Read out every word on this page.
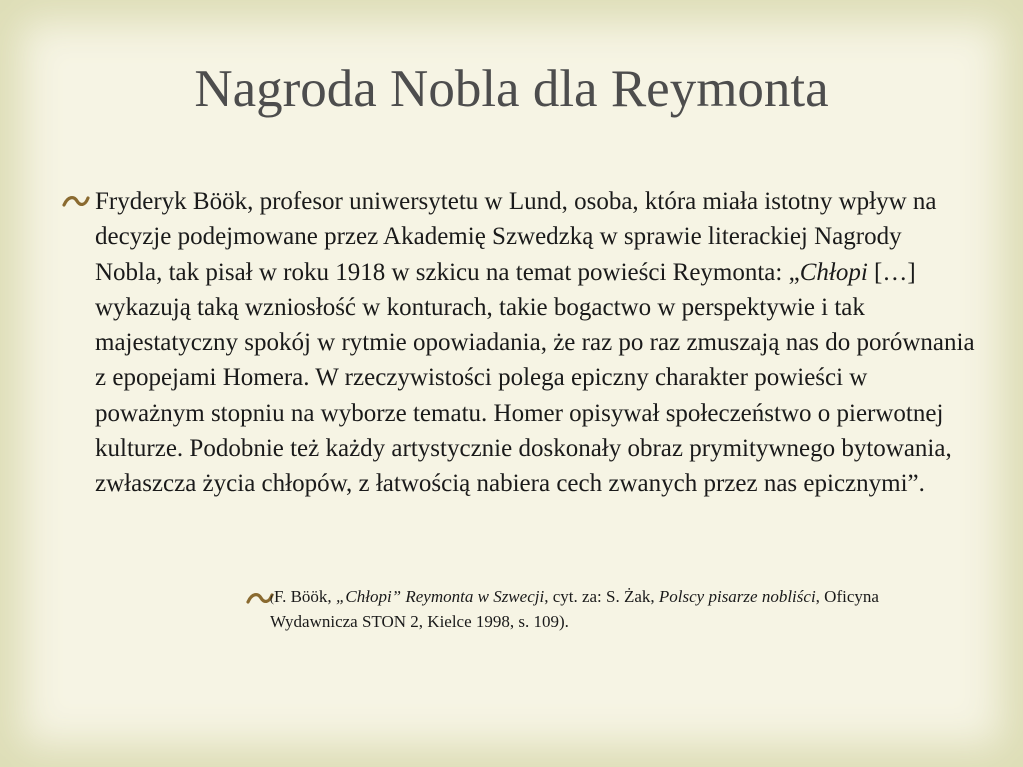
Nagroda Nobla dla Reymonta
Fryderyk Böök, profesor uniwersytetu w Lund, osoba, która miała istotny wpływ na decyzje podejmowane przez Akademię Szwedzką w sprawie literackiej Nagrody Nobla, tak pisał w roku 1918 w szkicu na temat powieści Reymonta: „Chłopi […] wykazują taką wzniosłość w konturach, takie bogactwo w perspektywie i tak majestatyczny spokój w rytmie opowiadania, że raz po raz zmuszają nas do porównania z epopejami Homera. W rzeczywistości polega epiczny charakter powieści w poważnym stopniu na wyborze tematu. Homer opisywał społeczeństwo o pierwotnej kulturze. Podobnie też każdy artystycznie doskonały obraz prymitywnego bytowania, zwłaszcza życia chłopów, z łatwością nabiera cech zwanych przez nas epicznymi”.
(F. Böök, „Chłopi” Reymonta w Szwecji, cyt. za: S. Żak, Polscy pisarze nobliści, Oficyna Wydawnicza STON 2, Kielce 1998, s. 109).
